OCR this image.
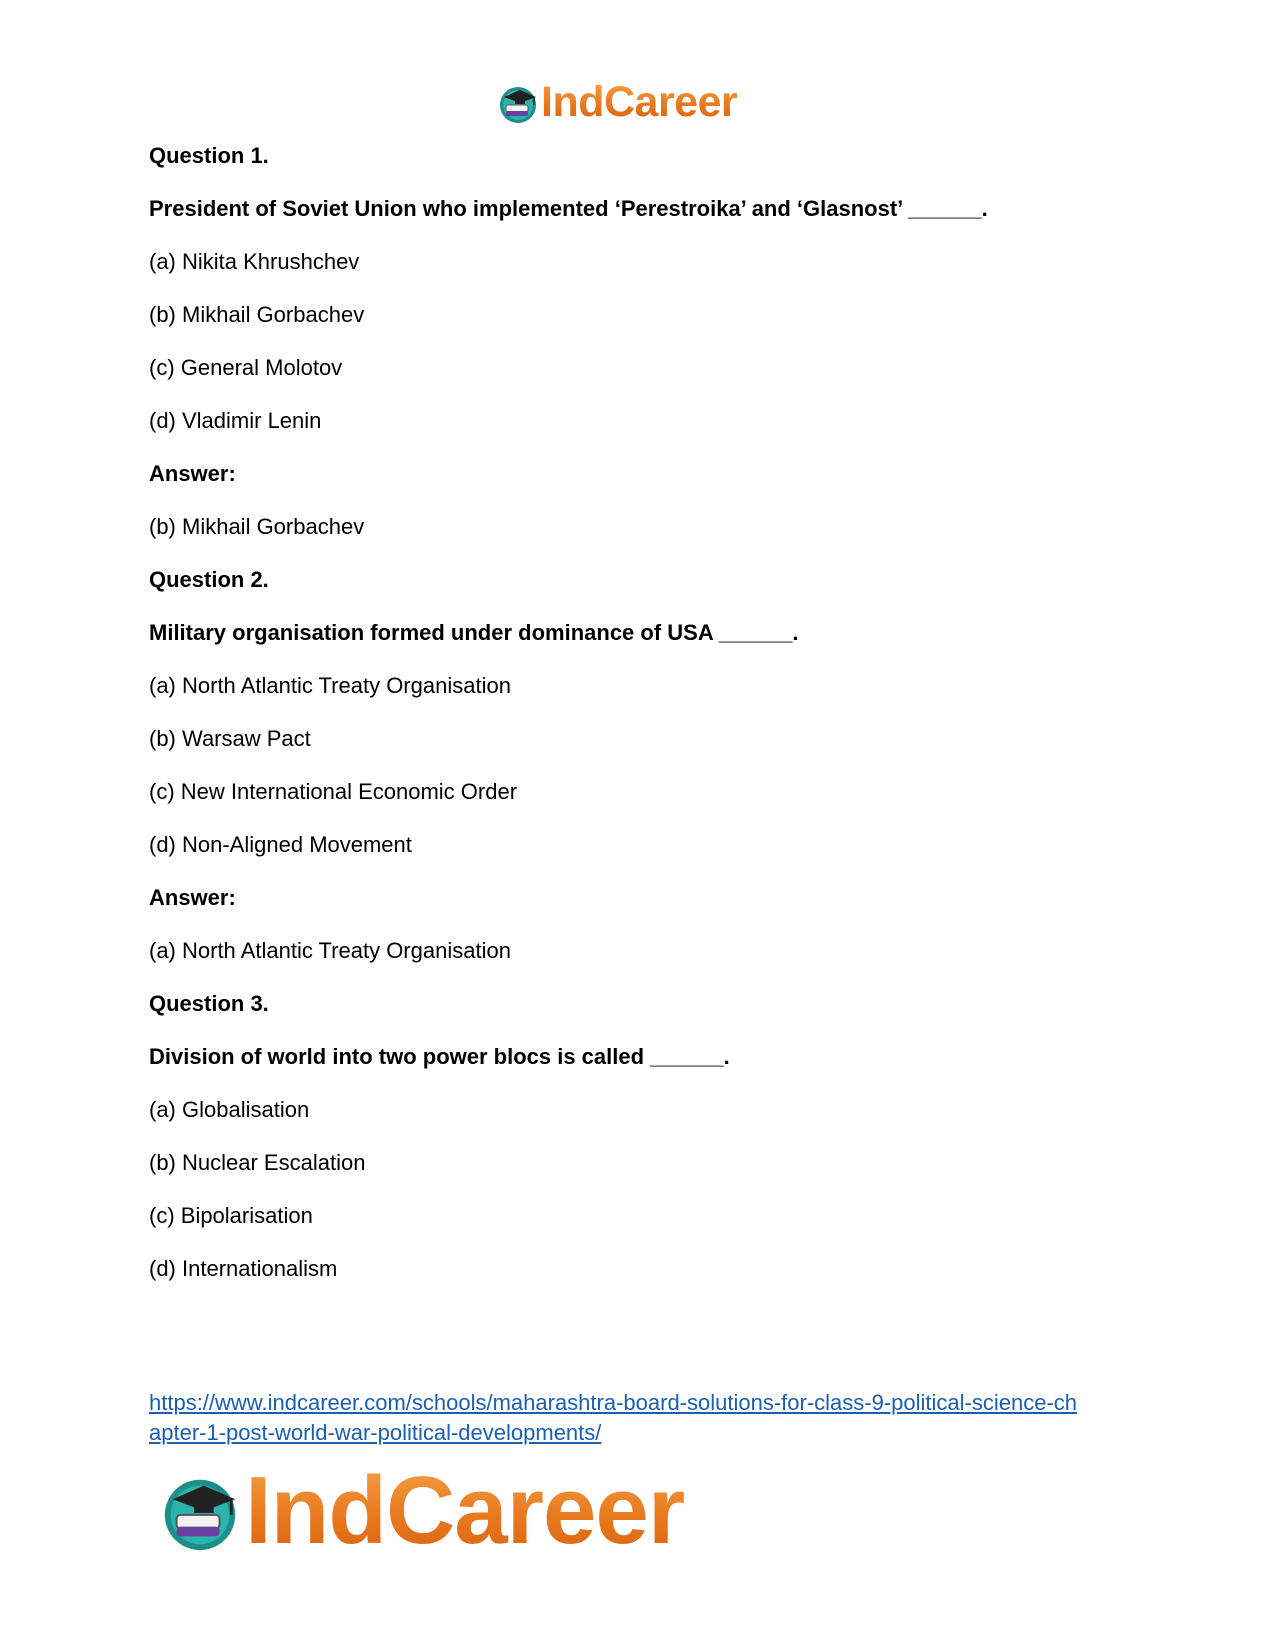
IndCareer
Question 1.
President of Soviet Union who implemented ‘Perestroika’ and ‘Glasnost’ ______.
(a) Nikita Khrushchev
(b) Mikhail Gorbachev
(c) General Molotov
(d) Vladimir Lenin
Answer:
(b) Mikhail Gorbachev
Question 2.
Military organisation formed under dominance of USA ______.
(a) North Atlantic Treaty Organisation
(b) Warsaw Pact
(c) New International Economic Order
(d) Non-Aligned Movement
Answer:
(a) North Atlantic Treaty Organisation
Question 3.
Division of world into two power blocs is called ______.
(a) Globalisation
(b) Nuclear Escalation
(c) Bipolarisation
(d) Internationalism
https://www.indcareer.com/schools/maharashtra-board-solutions-for-class-9-political-science-ch
apter-1-post-world-war-political-developments/
IndCareer
